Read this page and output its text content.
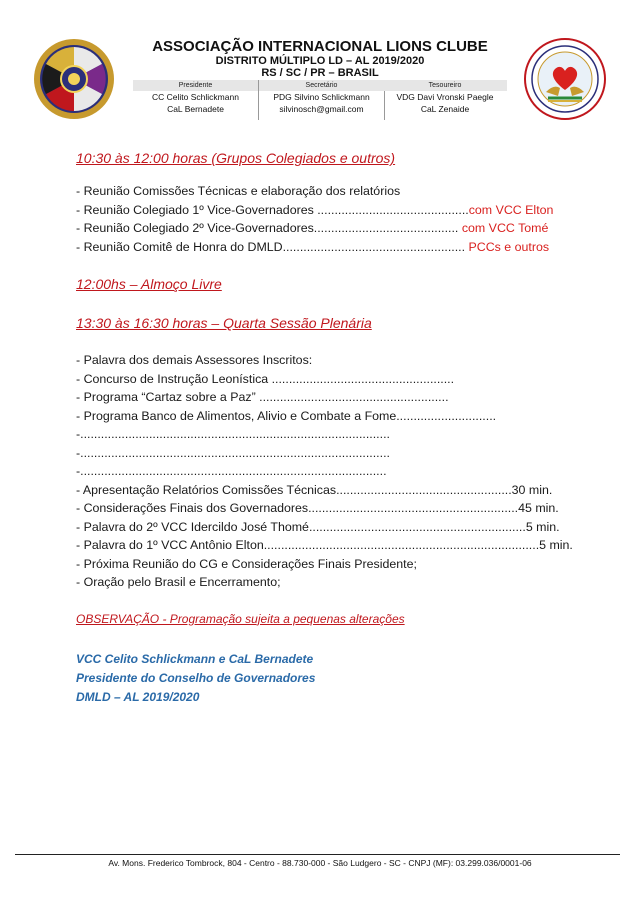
ASSOCIAÇÃO INTERNACIONAL LIONS CLUBE
DISTRITO MÚLTIPLO LD – AL 2019/2020
RS / SC / PR – BRASIL
Presidente
CC Celito Schlickmann
CaL Bernadete
Secretário
PDG Silvino Schlickmann
silvinosch@gmail.com
Tesoureiro
VDG Davi Vronski Paegle
CaL Zenaide
10:30 às 12:00 horas (Grupos Colegiados e outros)
- Reunião Comissões Técnicas e elaboração dos relatórios
- Reunião Colegiado 1º Vice-Governadores ............................................com VCC Elton
- Reunião Colegiado 2º Vice-Governadores.......................................... com VCC Tomé
- Reunião Comitê de Honra do DMLD..................................................... PCCs e outros
12:00hs – Almoço Livre
13:30 às 16:30 horas – Quarta Sessão Plenária
- Palavra dos demais Assessores Inscritos:
- Concurso de Instrução Leonística .....................................................
- Programa “Cartaz sobre a Paz” .......................................................
- Programa Banco de Alimentos, Alivio e Combate a Fome.............................
-..........................................................................................
-..........................................................................................
-.........................................................................................
- Apresentação Relatórios Comissões Técnicas...................................................30 min.
- Considerações Finais dos Governadores.............................................................45 min.
- Palavra do 2º VCC Idercildo José Thomé...............................................................5 min.
- Palavra do 1º VCC Antônio Elton................................................................................5 min.
- Próxima Reunião do CG e Considerações Finais Presidente;
- Oração pelo Brasil e Encerramento;
OBSERVAÇÃO - Programação sujeita a pequenas alterações
VCC Celito Schlickmann e CaL Bernadete
Presidente do Conselho de Governadores
DMLD – AL 2019/2020
Av. Mons. Frederico Tombrock, 804 - Centro - 88.730-000 - São Ludgero - SC - CNPJ (MF): 03.299.036/0001-06
